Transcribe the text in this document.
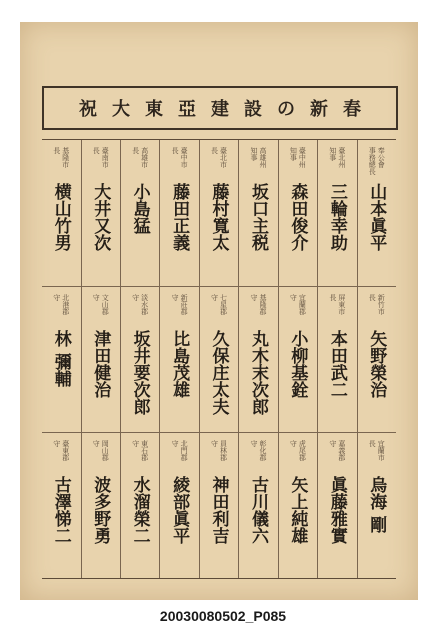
祝大東亞建設の新春
奉公會
事務總長
山本眞平
臺北州
知事
三輪幸助
臺中州
知事
森田俊介
高雄州
知事
坂口主税
臺北市
長
藤村寬太
臺中市
長
藤田正義
高雄市
長
小島猛
臺南市
長
大井又次
基隆市
長
横山竹男
新竹市
長
矢野榮治
屏東市
長
本田武二
宜蘭郡
守
小柳基銓
基隆郡
守
丸木末次郎
七星郡
守
久保庄太夫
新莊郡
守
比島茂雄
淡水郡
守
坂井要次郎
文山郡
守
津田健治
北港郡
守
林 彌輔
宜蘭市
長
烏海 剛
嘉義郡
守
眞藤雅實
虎尾郡
守
矢上純雄
彰化郡
守
古川儀六
員林郡
守
神田利吉
北門郡
守
綾部眞平
東石郡
守
水溜榮二
岡山郡
守
波多野勇
臺東郡
守
古澤悌二
20030080502_P085
